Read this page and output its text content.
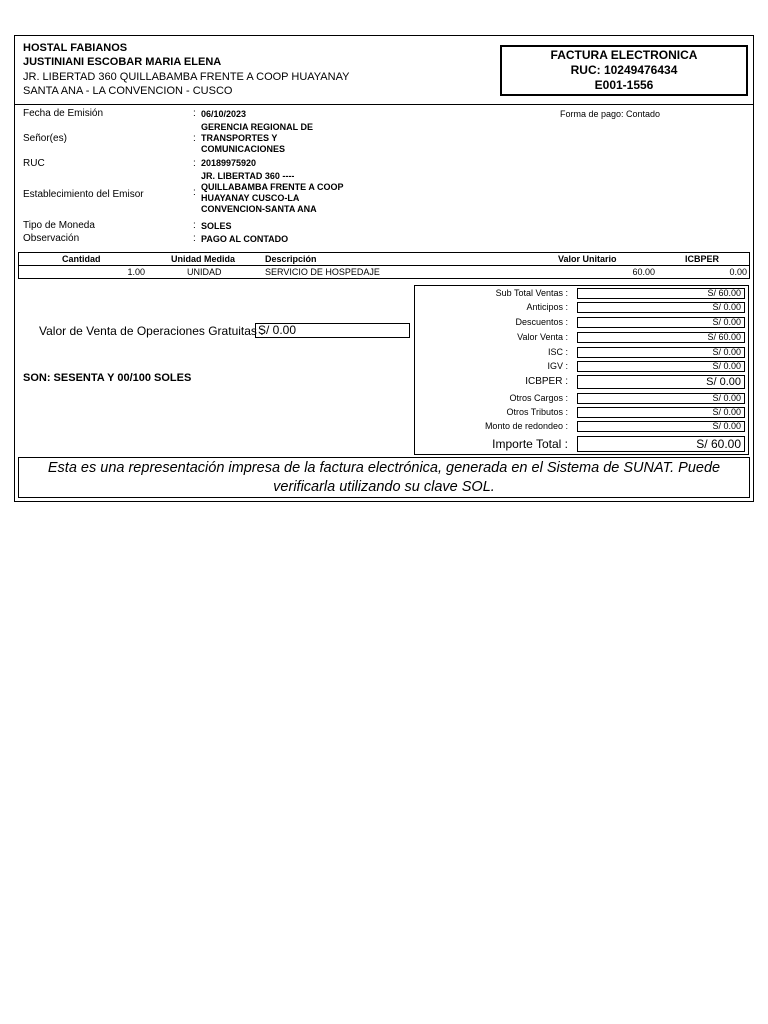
HOSTAL FABIANOS
JUSTINIANI ESCOBAR MARIA ELENA
JR. LIBERTAD 360 QUILLABAMBA FRENTE A COOP HUAYANAY
SANTA ANA - LA CONVENCION - CUSCO
FACTURA ELECTRONICA
RUC: 10249476434
E001-1556
Fecha de Emisión	: 06/10/2023	Forma de pago: Contado
Señor(es)	:
GERENCIA REGIONAL DE
TRANSPORTES Y
COMUNICACIONES
RUC	: 20189975920
Establecimiento del Emisor	:
JR. LIBERTAD 360 ----
QUILLABAMBA FRENTE A COOP
HUAYANAY CUSCO-LA
CONVENCION-SANTA ANA
Tipo de Moneda	: SOLES
Observación	: PAGO AL CONTADO
Cantidad	Unidad Medida	Descripción	Valor Unitario	ICBPER
1.00	UNIDAD	SERVICIO DE HOSPEDAJE	60.00	0.00
Valor de Venta de Operaciones Gratuitas :
S/ 0.00
SON: SESENTA Y 00/100 SOLES
Sub Total Ventas :	S/ 60.00
Anticipos :	S/ 0.00
Descuentos :	S/ 0.00
Valor Venta :	S/ 60.00
ISC :	S/ 0.00
IGV :	S/ 0.00
ICBPER :	S/ 0.00
Otros Cargos :	S/ 0.00
Otros Tributos :	S/ 0.00
Monto de redondeo :	S/ 0.00
Importe Total :	S/ 60.00
Esta es una representación impresa de la factura electrónica, generada en el Sistema de SUNAT. Puede
verificarla utilizando su clave SOL.
